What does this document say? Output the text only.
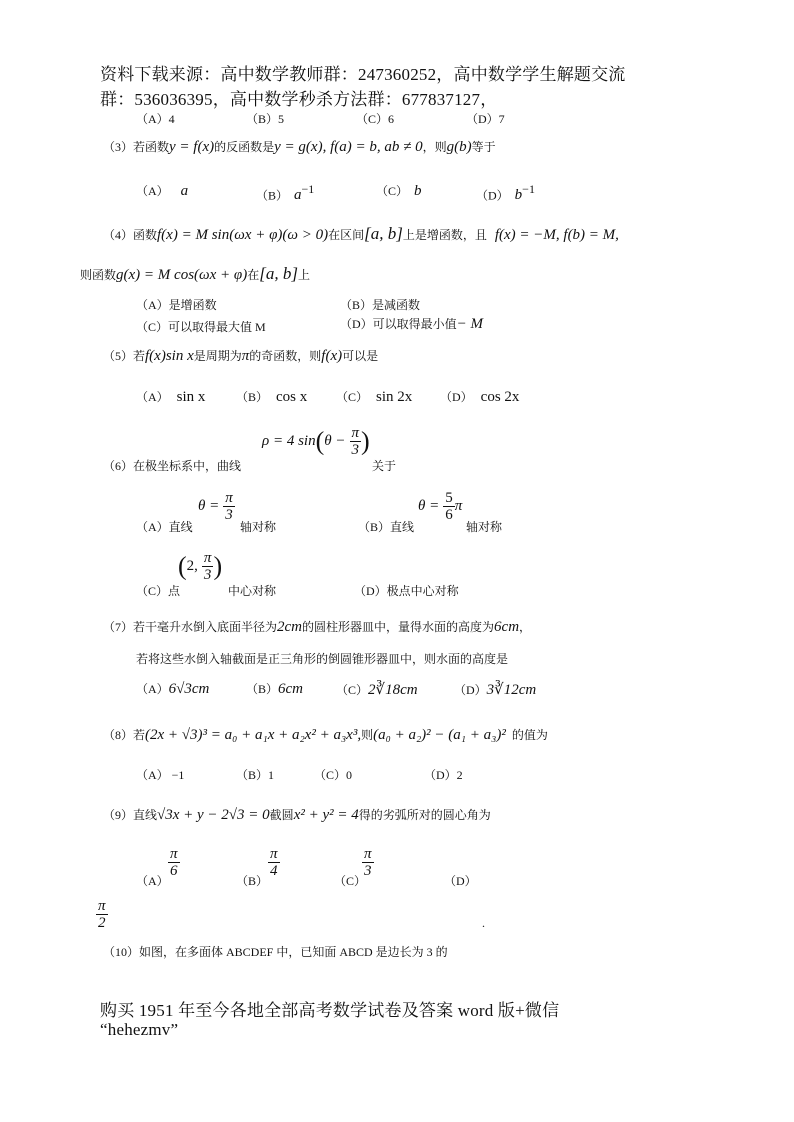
资料下载来源：高中数学教师群：247360252，高中数学学生解题交流
群：536036395，高中数学秒杀方法群：677837127，
（A）4	（B）5	（C）6	（D）7
（3）若函数y = f(x)的反函数是y = g(x), f(a) = b, ab ≠ 0，则g(b)等于
（A） a	（B） $a^{-1}$	（C） b	（D） $b^{-1}$
（4）函数f(x) = M sin(ωx + φ)(ω > 0)在区间[a, b]上是增函数，且 f(x) = −M, f(b) = M,
则函数g(x) = M cos(ωx + φ)在[a, b]上
（A）是增函数	（B）是减函数
（C）可以取得最大值 M	（D）可以取得最小值− M
（5）若f(x)sin x是周期为π的奇函数，则f(x)可以是
（A） sin x	（B） cos x （C） sin 2x （D） cos 2x
ρ = 4 $\sin(\theta - \frac{\pi}{3}$ )
（6）在极坐标系中，曲线	关于
（A）直线
$\theta = \frac{\pi}{3}$
轴对称	（B）直线
$\theta = \frac{5}{6}$ π
轴对称
（C）点
(2, $\frac{\pi}{3}$ )
中心对称	（D）极点中心对称
（7）若干毫升水倒入底面半径为2cm的圆柱形器皿中，量得水面的高度为6cm，
若将这些水倒入轴截面是正三角形的倒圆锥形器皿中，则水面的高度是
（A）6√3cm	（B）6cm	（C）2∛18cm	（D）3∛12cm
（8）若(2x + √3)³ = a₀ + a₁x + a₂x² + a₃x³,则(a₀ + a₂)² − (a₁ + a₃)² 的值为
（A） −1	（B）1	（C）0	（D）2
（9）直线√3x + y − 2√3 = 0截圆x² + y² = 4得的劣弧所对的圆心角为
（A）
$\frac{\pi}{6}$
（B）
$\frac{\pi}{4}$
（C）
$\frac{\pi}{3}$
（D）
$\frac{\pi}{2}$	.
（10）如图，在多面体 ABCDEF 中，已知面 ABCD 是边长为 3 的
购买 1951 年至今各地全部高考数学试卷及答案 word 版+微信
“hehezmv”
